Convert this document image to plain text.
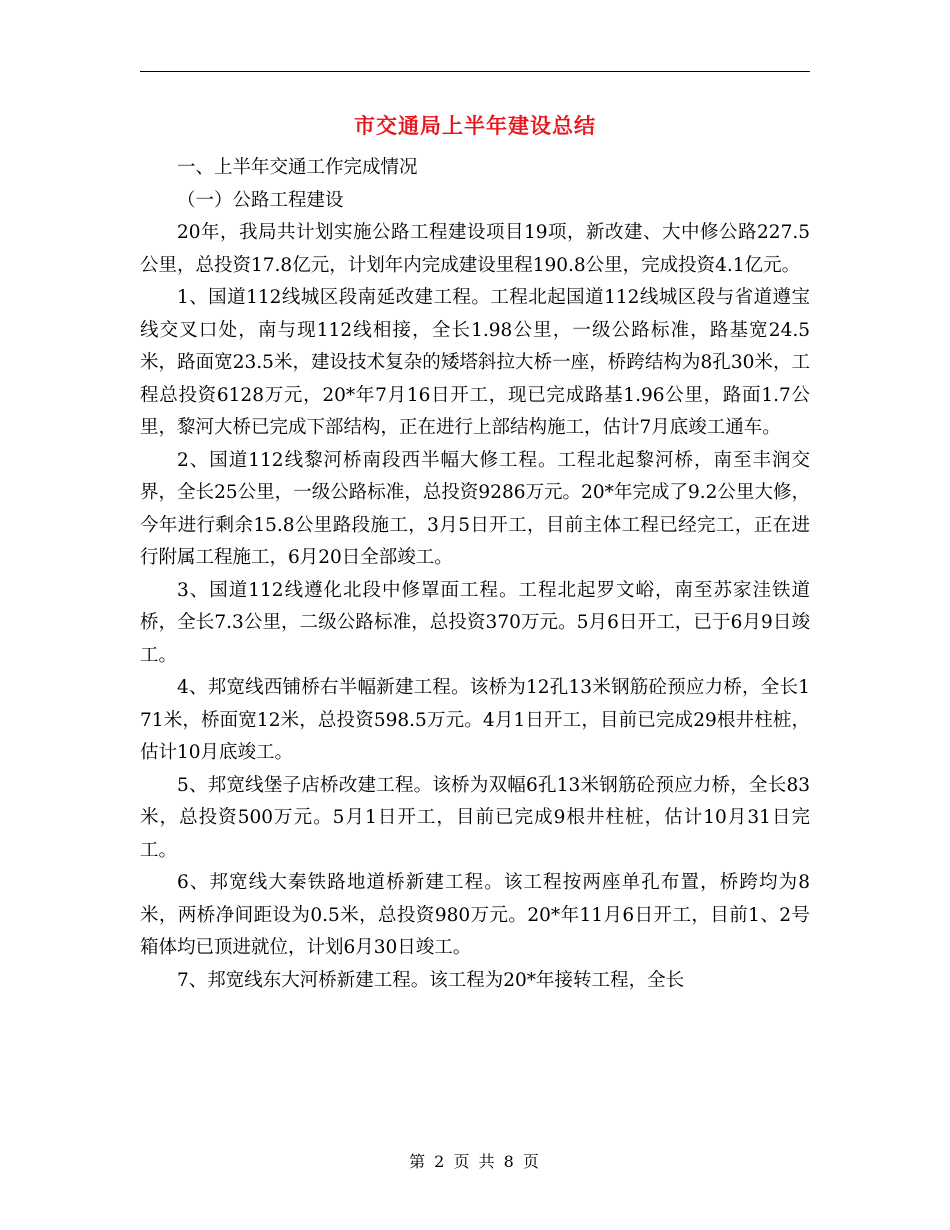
市交通局上半年建设总结

一、上半年交通工作完成情况

（一）公路工程建设

20年，我局共计划实施公路工程建设项目19项，新改建、大中修公路227.5公里，总投资17.8亿元，计划年内完成建设里程190.8公里，完成投资4.1亿元。

1、国道112线城区段南延改建工程。工程北起国道112线城区段与省道遵宝线交叉口处，南与现112线相接，全长1.98公里，一级公路标准，路基宽24.5米，路面宽23.5米，建设技术复杂的矮塔斜拉大桥一座，桥跨结构为8孔30米，工程总投资6128万元，20*年7月16日开工，现已完成路基1.96公里，路面1.7公里，黎河大桥已完成下部结构，正在进行上部结构施工，估计7月底竣工通车。

2、国道112线黎河桥南段西半幅大修工程。工程北起黎河桥，南至丰润交界，全长25公里，一级公路标准，总投资9286万元。20*年完成了9.2公里大修，今年进行剩余15.8公里路段施工，3月5日开工，目前主体工程已经完工，正在进行附属工程施工，6月20日全部竣工。

3、国道112线遵化北段中修罩面工程。工程北起罗文峪，南至苏家洼铁道桥，全长7.3公里，二级公路标准，总投资370万元。5月6日开工，已于6月9日竣工。

4、邦宽线西铺桥右半幅新建工程。该桥为12孔13米钢筋砼预应力桥，全长171米，桥面宽12米，总投资598.5万元。4月1日开工，目前已完成29根井柱桩，估计10月底竣工。

5、邦宽线堡子店桥改建工程。该桥为双幅6孔13米钢筋砼预应力桥，全长83米，总投资500万元。5月1日开工，目前已完成9根井柱桩，估计10月31日完工。

6、邦宽线大秦铁路地道桥新建工程。该工程按两座单孔布置，桥跨均为8米，两桥净间距设为0.5米，总投资980万元。20*年11月6日开工，目前1、2号箱体均已顶进就位，计划6月30日竣工。

7、邦宽线东大河桥新建工程。该工程为20*年接转工程，全长

第 2 页 共 8 页
